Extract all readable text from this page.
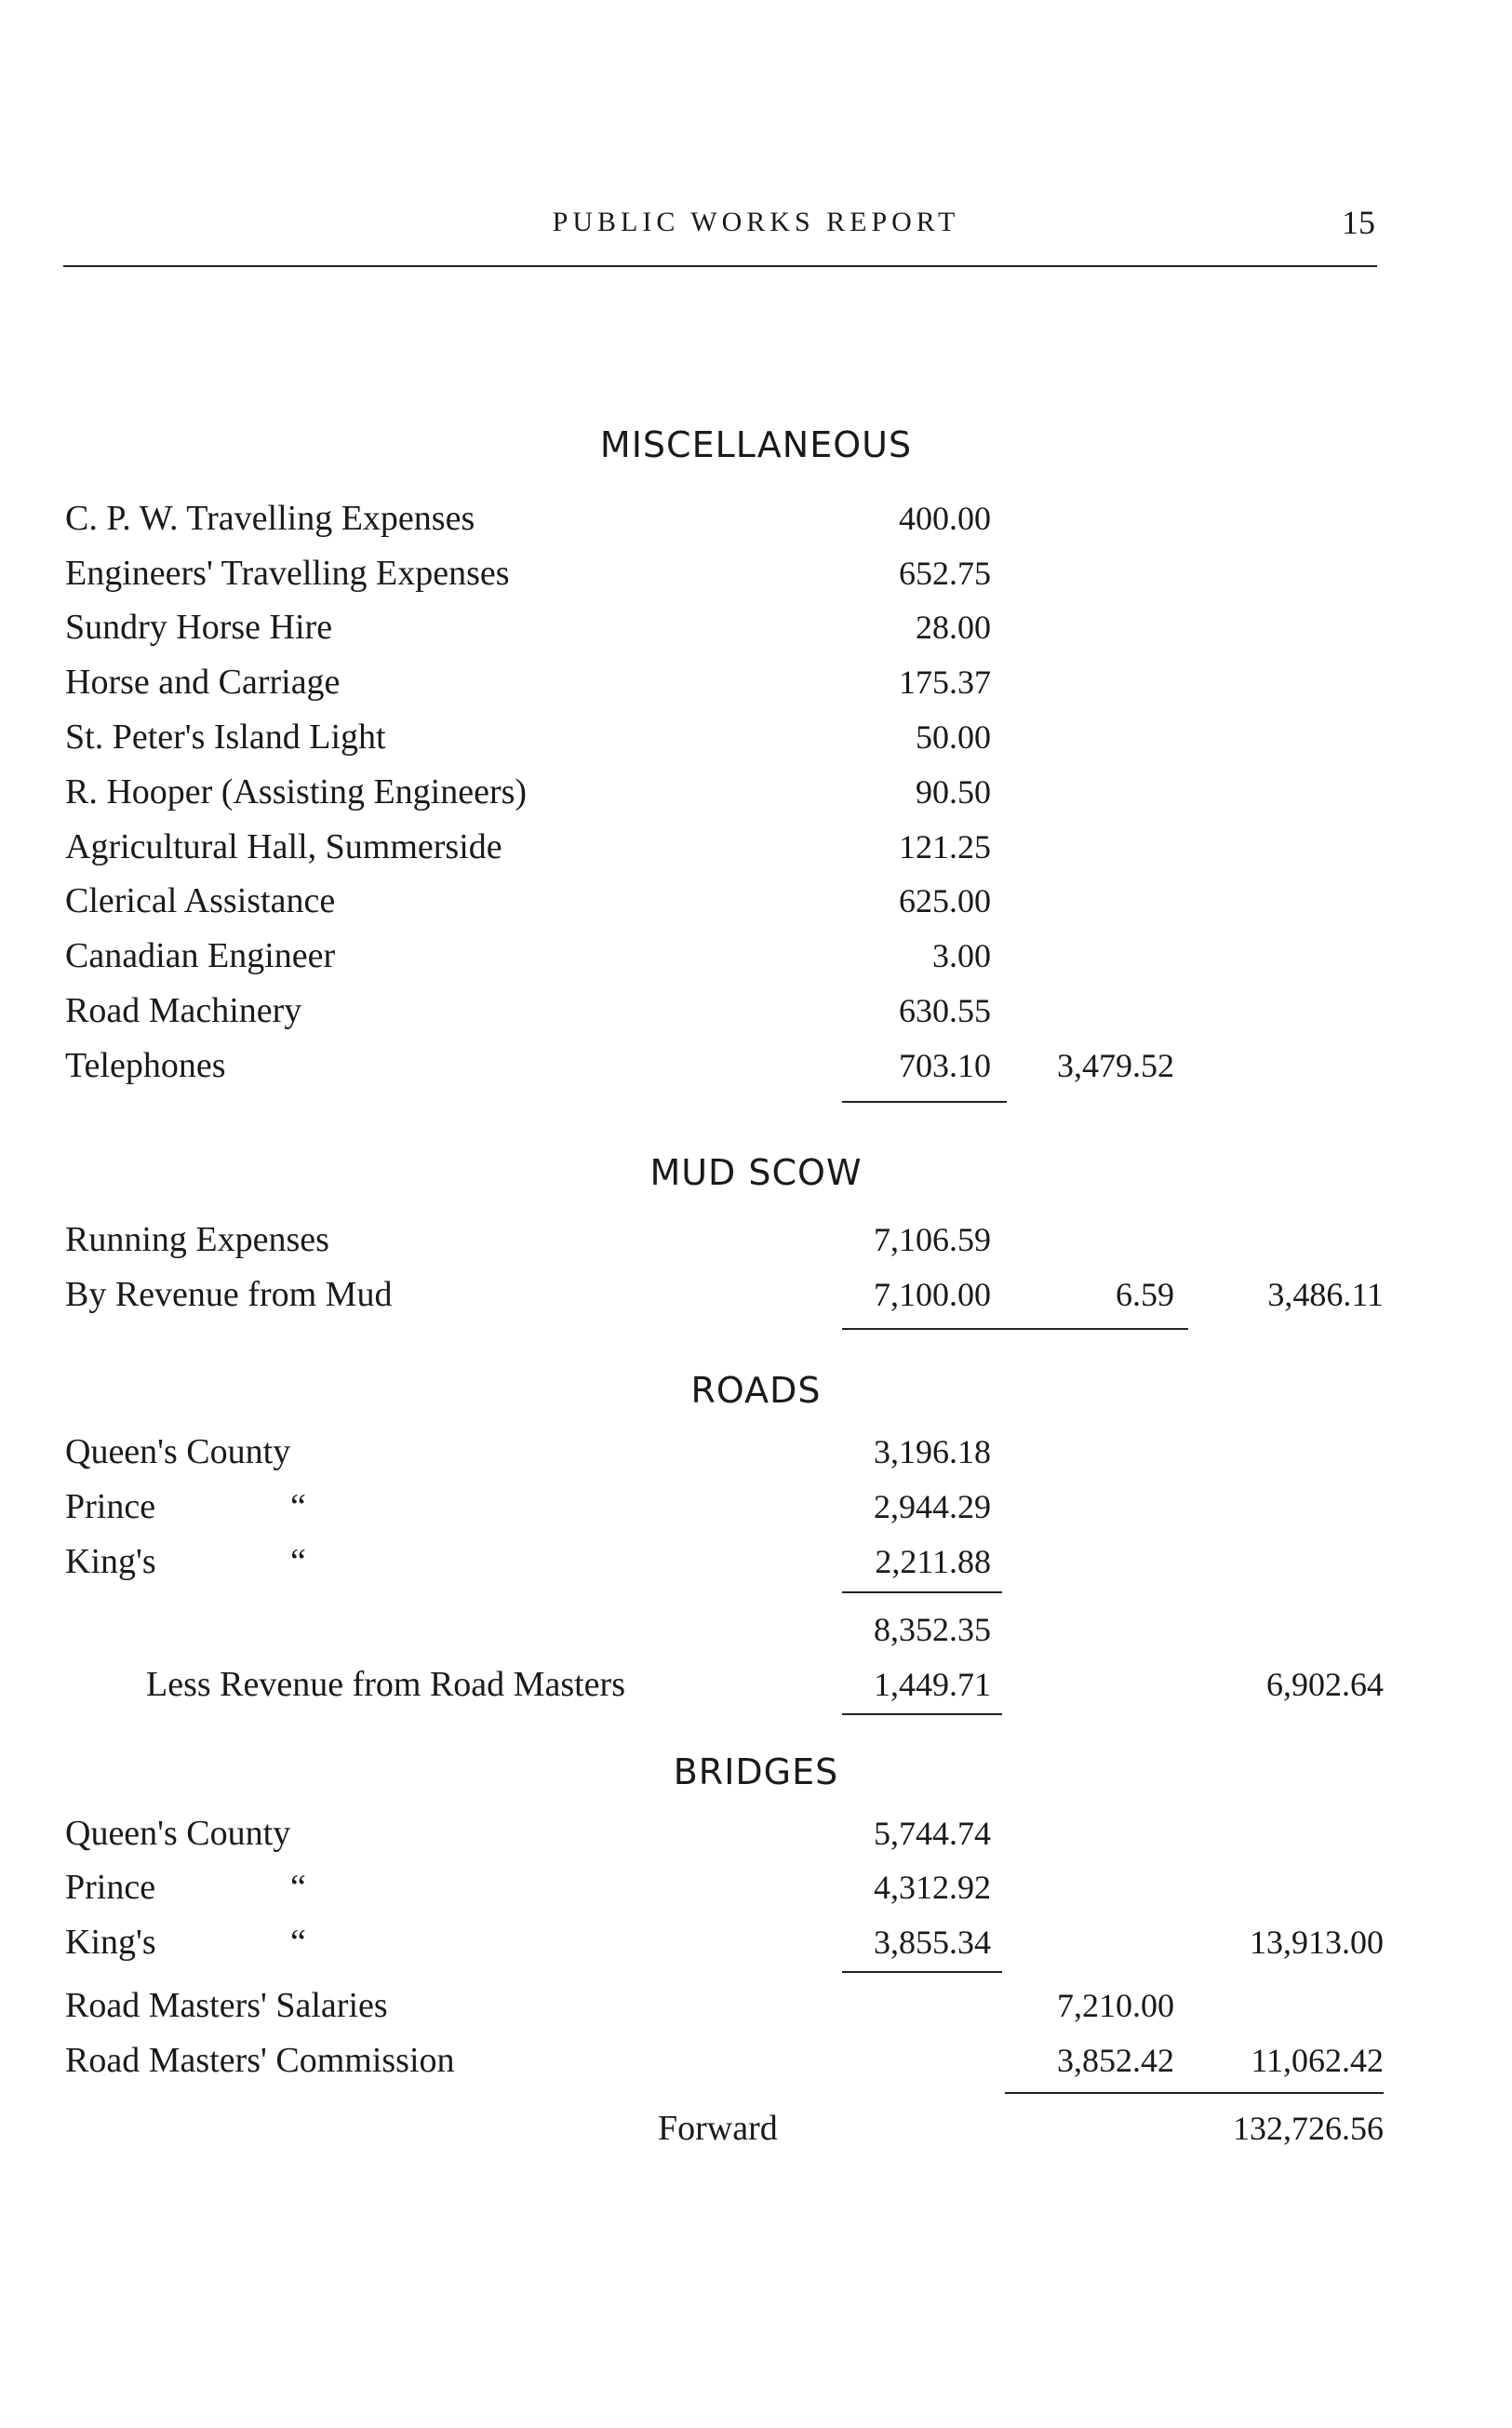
PUBLIC WORKS REPORT	15
MISCELLANEOUS
C. P. W. Travelling Expenses	400.00
Engineers' Travelling Expenses	652.75
Sundry Horse Hire	28.00
Horse and Carriage	175.37
St. Peter's Island Light	50.00
R. Hooper (Assisting Engineers)	90.50
Agricultural Hall, Summerside	121.25
Clerical Assistance	625.00
Canadian Engineer	3.00
Road Machinery	630.55
Telephones	703.10 3,479.52
MUD SCOW
Running Expenses	7,106.59
By Revenue from Mud	7,100.00	6.59	3,486.11
ROADS
Queen's County	3,196.18
Prince	“	2,944.29
King's	“	2,211.88
8,352.35
Less Revenue from Road Masters	1,449.71	6,902.64
BRIDGES
Queen's County	5,744.74
Prince	“	4,312.92
King's	“	3,855.34	13,913.00
Road Masters' Salaries	7,210.00
Road Masters' Commission	3,852.42 11,062.42
Forward	132,726.56
